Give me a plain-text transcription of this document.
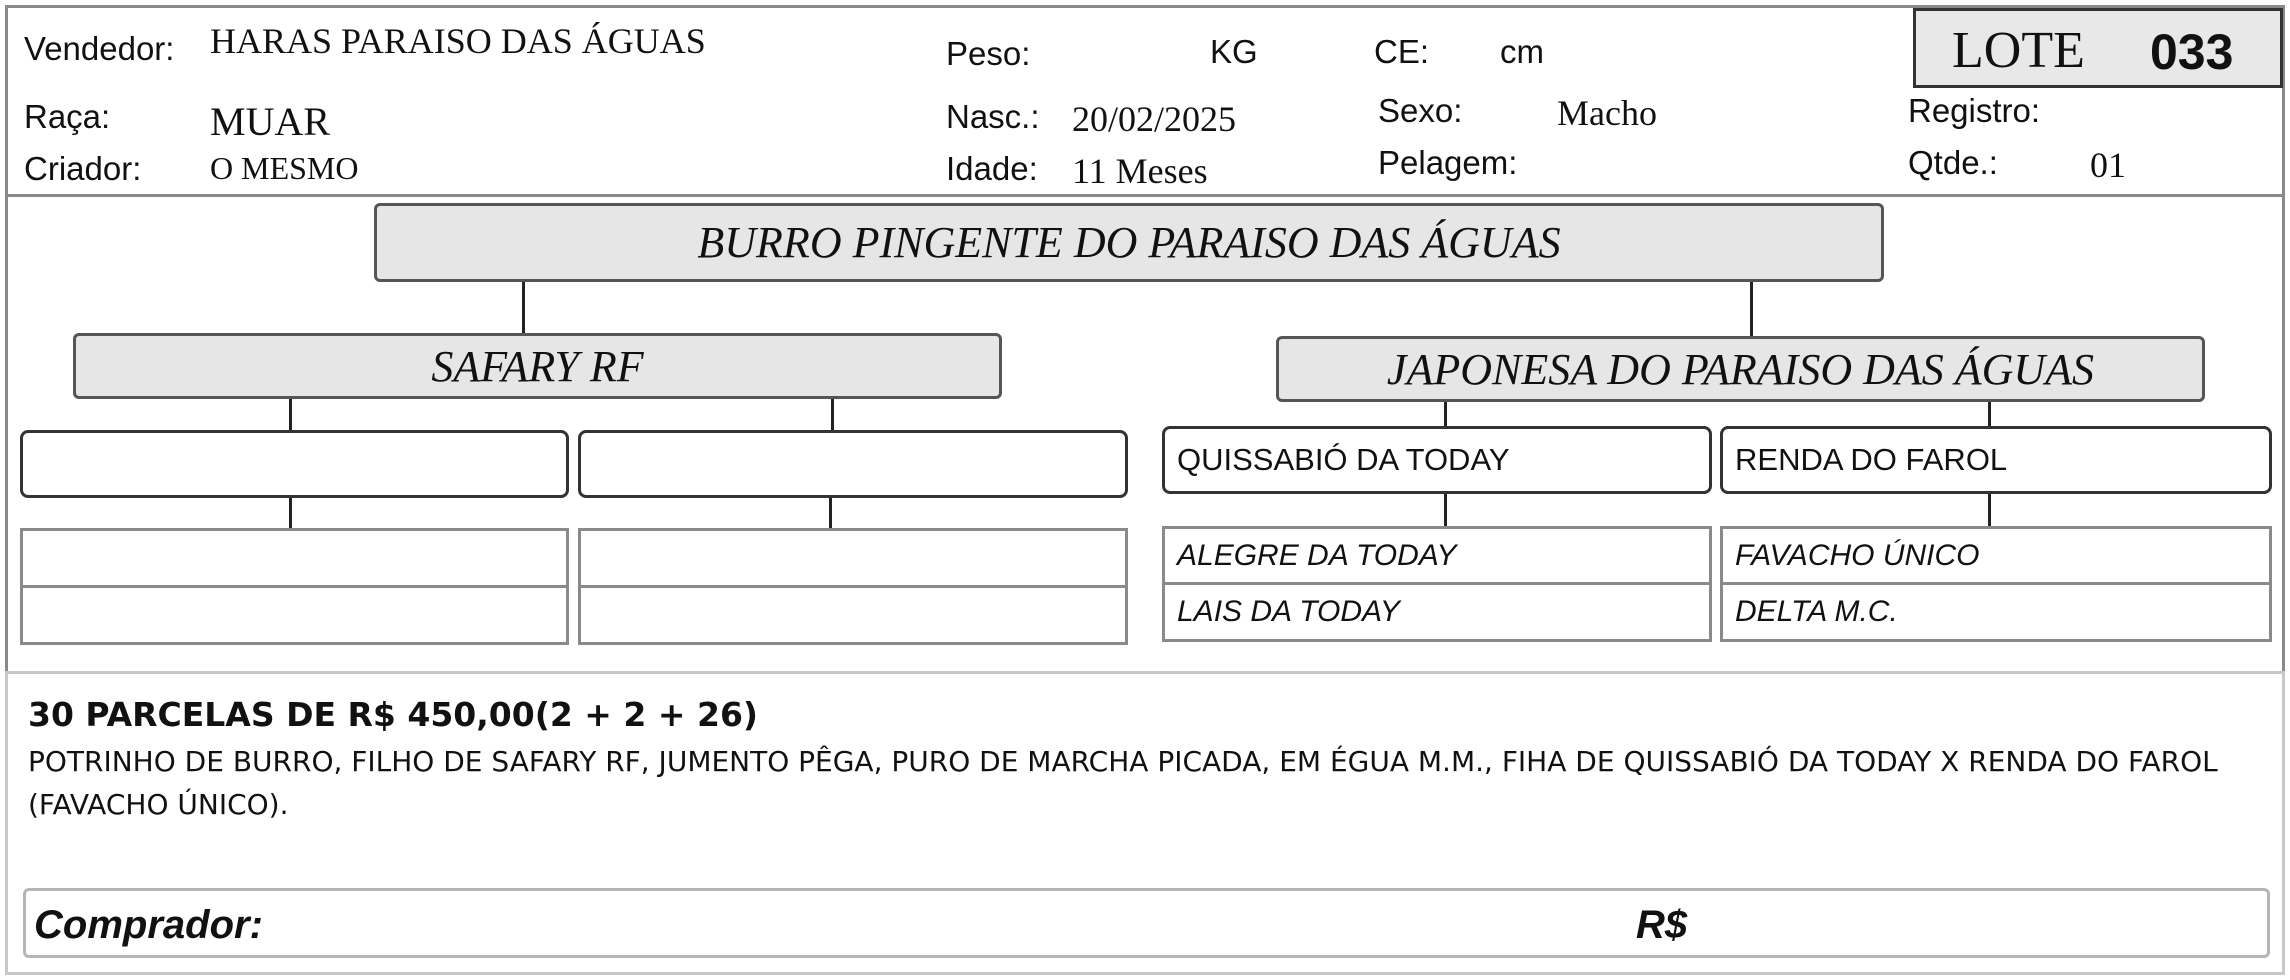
Vendedor: HARAS PARAISO DAS ÁGUAS
Raça: MUAR
Criador: O MESMO
Peso:	KG
Nasc.: 20/02/2025
Idade: 11 Meses
CE: cm
Sexo:	Macho
Pelagem:
LOTE 033
Registro:
Qtde.:	01
BURRO PINGENTE DO PARAISO DAS ÁGUAS
SAFARY RF	JAPONESA DO PARAISO DAS ÁGUAS
QUISSABIÓ DA TODAY	RENDA DO FAROL
ALEGRE DA TODAY
LAIS DA TODAY
FAVACHO ÚNICO
DELTA M.C.
30 PARCELAS DE R$ 450,00(2 + 2 + 26)
POTRINHO DE BURRO, FILHO DE SAFARY RF, JUMENTO PÊGA, PURO DE MARCHA PICADA, EM ÉGUA M.M., FIHA DE QUISSABIÓ DA TODAY X RENDA DO FAROL (FAVACHO ÚNICO).
Comprador:	R$
